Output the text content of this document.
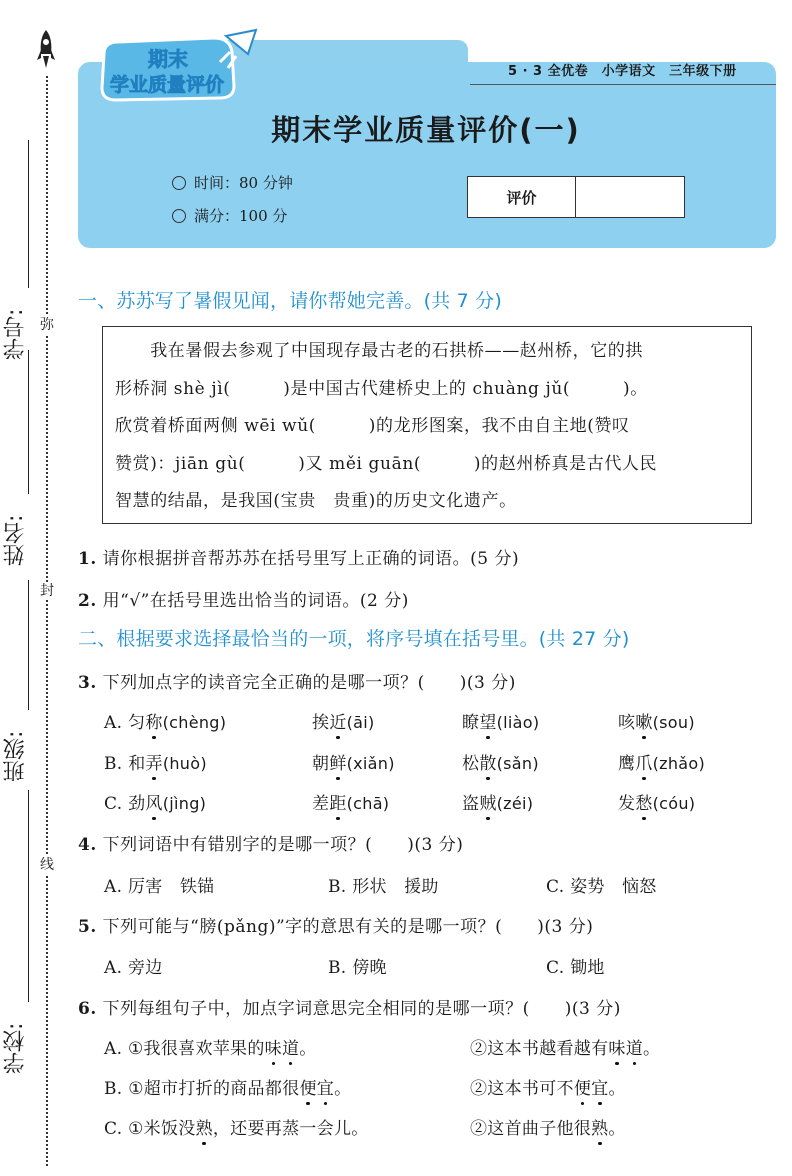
弥
封
线
学号:
姓名:
班级:
学校:
期末
学业质量评价
5 · 3 全优卷　小学语文　三年级下册
期末学业质量评价(一)
时间：80 分钟
满分：100 分
评价
一、苏苏写了暑假见闻，请你帮她完善。(共 7 分)
　　我在暑假去参观了中国现存最古老的石拱桥——赵州桥，它的拱
形桥洞 shè jì(　　　)是中国古代建桥史上的 chuàng jǔ(　　　)。
欣赏着桥面两侧 wēi wǔ(　　　)的龙形图案，我不由自主地(赞叹
赞赏)：jiān gù(　　　)又 měi guān(　　　)的赵州桥真是古代人民
智慧的结晶，是我国(宝贵　贵重)的历史文化遗产。
1. 请你根据拼音帮苏苏在括号里写上正确的词语。(5 分)
2. 用“√”在括号里选出恰当的词语。(2 分)
二、根据要求选择最恰当的一项，将序号填在括号里。(共 27 分)
3. 下列加点字的读音完全正确的是哪一项？(　　)(3 分)
A. 匀称(chèng)	挨近(āi)	瞭望(liào)	咳嗽(sou)
B. 和弄(huò)	朝鲜(xiǎn)	松散(sǎn)	鹰爪(zhǎo)
C. 劲风(jìng)	差距(chā)	盗贼(zéi)	发愁(cóu)
4. 下列词语中有错别字的是哪一项？(　　)(3 分)
A. 厉害　铁锚	B. 形状　援助	C. 姿势　恼怒
5. 下列可能与“膀(pǎng)”字的意思有关的是哪一项？(　　)(3 分)
A. 旁边	B. 傍晚	C. 锄地
6. 下列每组句子中，加点字词意思完全相同的是哪一项？(　　)(3 分)
A. ①我很喜欢苹果的味道。	②这本书越看越有味道。
B. ①超市打折的商品都很便宜。	②这本书可不便宜。
C. ①米饭没熟，还要再蒸一会儿。	②这首曲子他很熟。
